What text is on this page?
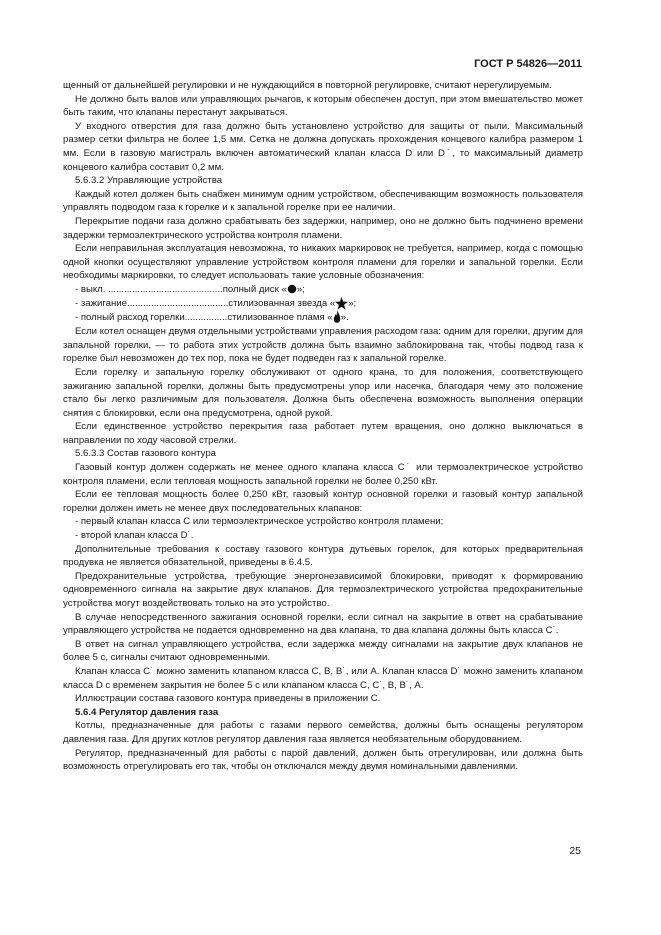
ГОСТ Р 54826—2011

щенный от дальнейшей регулировки и не нуждающийся в повторной регулировке, считают нерегулируемым.

Не должно быть валов или управляющих рычагов, к которым обеспечен доступ, при этом вмешательство может быть таким, что клапаны перестанут закрываться.

У входного отверстия для газа должно быть установлено устройство для защиты от пыли. Максимальный размер сетки фильтра не более 1,5 мм. Сетка не должна допускать прохождения концевого калибра размером 1 мм. Если в газовую магистраль включен автоматический клапан класса D или D˙, то максимальный диаметр концевого калибра составит 0,2 мм.

5.6.3.2 Управляющие устройства

Каждый котел должен быть снабжен минимум одним устройством, обеспечивающим возможность пользователя управлять подводом газа к горелке и к запальной горелке при ее наличии.

Перекрытие подачи газа должно срабатывать без задержки, например, оно не должно быть подчинено времени задержки термоэлектрического устройства контроля пламени.

Если неправильная эксплуатация невозможна, то никаких маркировок не требуется, например, когда с помощью одной кнопки осуществляют управление устройством контроля пламени для горелки и запальной горелки. Если необходимы маркировки, то следует использовать такие условные обозначения:

- выкл. ...........................................полный диск « »;

- зажигание......................................стилизованная звезда « »;

- полный расход горелки................стилизованное пламя « ».

Если котел оснащен двумя отдельными устройствами управления расходом газа: одним для горелки, другим для запальной горелки, — то работа этих устройств должна быть взаимно заблокирована так, чтобы подвод газа к горелке был невозможен до тех пор, пока не будет подведен газ к запальной горелке.

Если горелку и запальную горелку обслуживают от одного крана, то для положения, соответствующего зажиганию запальной горелки, должны быть предусмотрены упор или насечка, благодаря чему это положение стало бы легко различимым для пользователя. Должна быть обеспечена возможность выполнения операции снятия с блокировки, если она предусмотрена, одной рукой.

Если единственное устройство перекрытия газа работает путем вращения, оно должно выключаться в направлении по ходу часовой стрелки.

5.6.3.3 Состав газового контура

Газовый контур должен содержать не менее одного клапана класса С˙ или термоэлектрическое устройство контроля пламени, если тепловая мощность запальной горелки не более 0,250 кВт.

Если ее тепловая мощность более 0,250 кВт, газовый контур основной горелки и газовый контур запальной горелки должен иметь не менее двух последовательных клапанов:

- первый клапан класса С или термоэлектрическое устройство контроля пламени;

- второй клапан класса D˙.

Дополнительные требования к составу газового контура дутьевых горелок, для которых предварительная продувка не является обязательной, приведены в 6.4.5.

Предохранительные устройства, требующие энергонезависимой блокировки, приводят к формированию одновременного сигнала на закрытие двух клапанов. Для термоэлектрического устройства предохранительные устройства могут воздействовать только на это устройство.

В случае непосредственного зажигания основной горелки, если сигнал на закрытие в ответ на срабатывание управляющего устройства не подается одновременно на два клапана, то два клапана должны быть класса С˙.

В ответ на сигнал управляющего устройства, если задержка между сигналами на закрытие двух клапанов не более 5 с, сигналы считают одновременными.

Клапан класса С˙ можно заменить клапаном класса С, В, В˙, или А. Клапан класса D˙ можно заменить клапаном класса D с временем закрытия не более 5 с или клапаном класса С, С˙, В, В˙, А.

Иллюстрации состава газового контура приведены в приложении С.

5.6.4 Регулятор давления газа

Котлы, предназначенные для работы с газами первого семейства, должны быть оснащены регулятором давления газа. Для других котлов регулятор давления газа является необязательным оборудованием.

Регулятор, предназначенный для работы с парой давлений, должен быть отрегулирован, или должна быть возможность отрегулировать его так, чтобы он отключался между двумя номинальными давлениями.

25
